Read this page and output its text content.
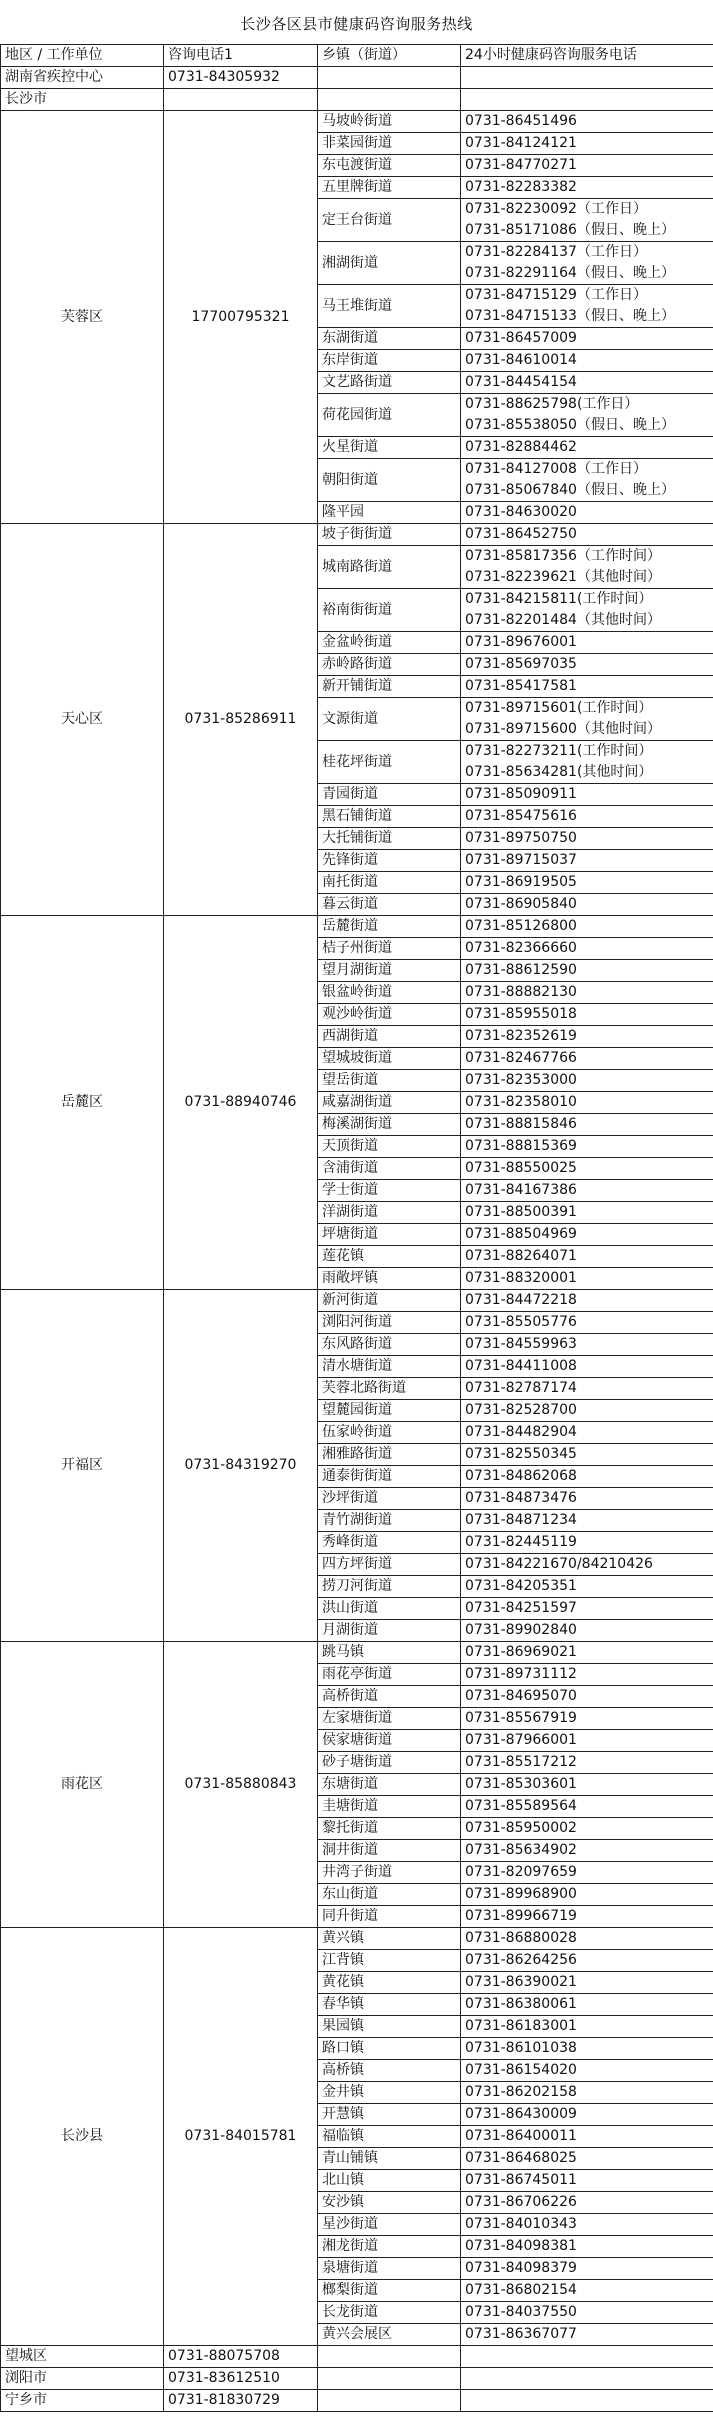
长沙各区县市健康码咨询服务热线
地区 / 工作单位	咨询电话1	乡镇（街道）	24小时健康码咨询服务电话
湖南省疾控中心	0731-84305932		
长沙市			
芙蓉区	17700795321	马坡岭街道	0731-86451496

		非菜园街道	0731-84124121

		东屯渡街道	0731-84770271

		五里牌街道	0731-82283382

		定王台街道	0731-82230092（工作日）
0731-85171086（假日、晚上）

		湘湖街道	0731-82284137（工作日）
0731-82291164（假日、晚上）

		马王堆街道	0731-84715129（工作日）
0731-84715133（假日、晚上）

		东湖街道	0731-86457009

		东岸街道	0731-84610014

		文艺路街道	0731-84454154

		荷花园街道	0731-88625798(工作日）
0731-85538050（假日、晚上）

		火星街道	0731-82884462

		朝阳街道	0731-84127008（工作日）
0731-85067840（假日、晚上）

		隆平园	0731-84630020

天心区	0731-85286911	坡子街街道	0731-86452750

		城南路街道	0731-85817356（工作时间）
0731-82239621（其他时间）

		裕南街街道	0731-84215811(工作时间）
0731-82201484（其他时间）

		金盆岭街道	0731-89676001

		赤岭路街道	0731-85697035

		新开铺街道	0731-85417581

		文源街道	0731-89715601(工作时间）
0731-89715600（其他时间）

		桂花坪街道	0731-82273211(工作时间）
0731-85634281(其他时间）

		青园街道	0731-85090911

		黑石铺街道	0731-85475616

		大托铺街道	0731-89750750

		先锋街道	0731-89715037

		南托街道	0731-86919505

		暮云街道	0731-86905840

岳麓区	0731-88940746	岳麓街道	0731-85126800

		桔子州街道	0731-82366660

		望月湖街道	0731-88612590

		银盆岭街道	0731-88882130

		观沙岭街道	0731-85955018

		西湖街道	0731-82352619

		望城坡街道	0731-82467766

		望岳街道	0731-82353000

		咸嘉湖街道	0731-82358010

		梅溪湖街道	0731-88815846

		天顶街道	0731-88815369

		含浦街道	0731-88550025

		学士街道	0731-84167386

		洋湖街道	0731-88500391

		坪塘街道	0731-88504969

		莲花镇	0731-88264071

		雨敞坪镇	0731-88320001

开福区	0731-84319270	新河街道	0731-84472218

		浏阳河街道	0731-85505776

		东风路街道	0731-84559963

		清水塘街道	0731-84411008

		芙蓉北路街道	0731-82787174

		望麓园街道	0731-82528700

		伍家岭街道	0731-84482904

		湘雅路街道	0731-82550345

		通泰街街道	0731-84862068

		沙坪街道	0731-84873476

		青竹湖街道	0731-84871234

		秀峰街道	0731-82445119

		四方坪街道	0731-84221670/84210426

		捞刀河街道	0731-84205351

		洪山街道	0731-84251597

		月湖街道	0731-89902840

雨花区	0731-85880843	跳马镇	0731-86969021

		雨花亭街道	0731-89731112

		高桥街道	0731-84695070

		左家塘街道	0731-85567919

		侯家塘街道	0731-87966001

		砂子塘街道	0731-85517212

		东塘街道	0731-85303601

		圭塘街道	0731-85589564

		黎托街道	0731-85950002

		洞井街道	0731-85634902

		井湾子街道	0731-82097659

		东山街道	0731-89968900

		同升街道	0731-89966719

长沙县	0731-84015781	黄兴镇	0731-86880028

		江背镇	0731-86264256

		黄花镇	0731-86390021

		春华镇	0731-86380061

		果园镇	0731-86183001

		路口镇	0731-86101038

		高桥镇	0731-86154020

		金井镇	0731-86202158

		开慧镇	0731-86430009

		福临镇	0731-86400011

		青山铺镇	0731-86468025

		北山镇	0731-86745011

		安沙镇	0731-86706226

		星沙街道	0731-84010343

		湘龙街道	0731-84098381

		泉塘街道	0731-84098379

		榔梨街道	0731-86802154

		长龙街道	0731-84037550

		黄兴会展区	0731-86367077

望城区	0731-88075708		
浏阳市	0731-83612510		
宁乡市	0731-81830729		
